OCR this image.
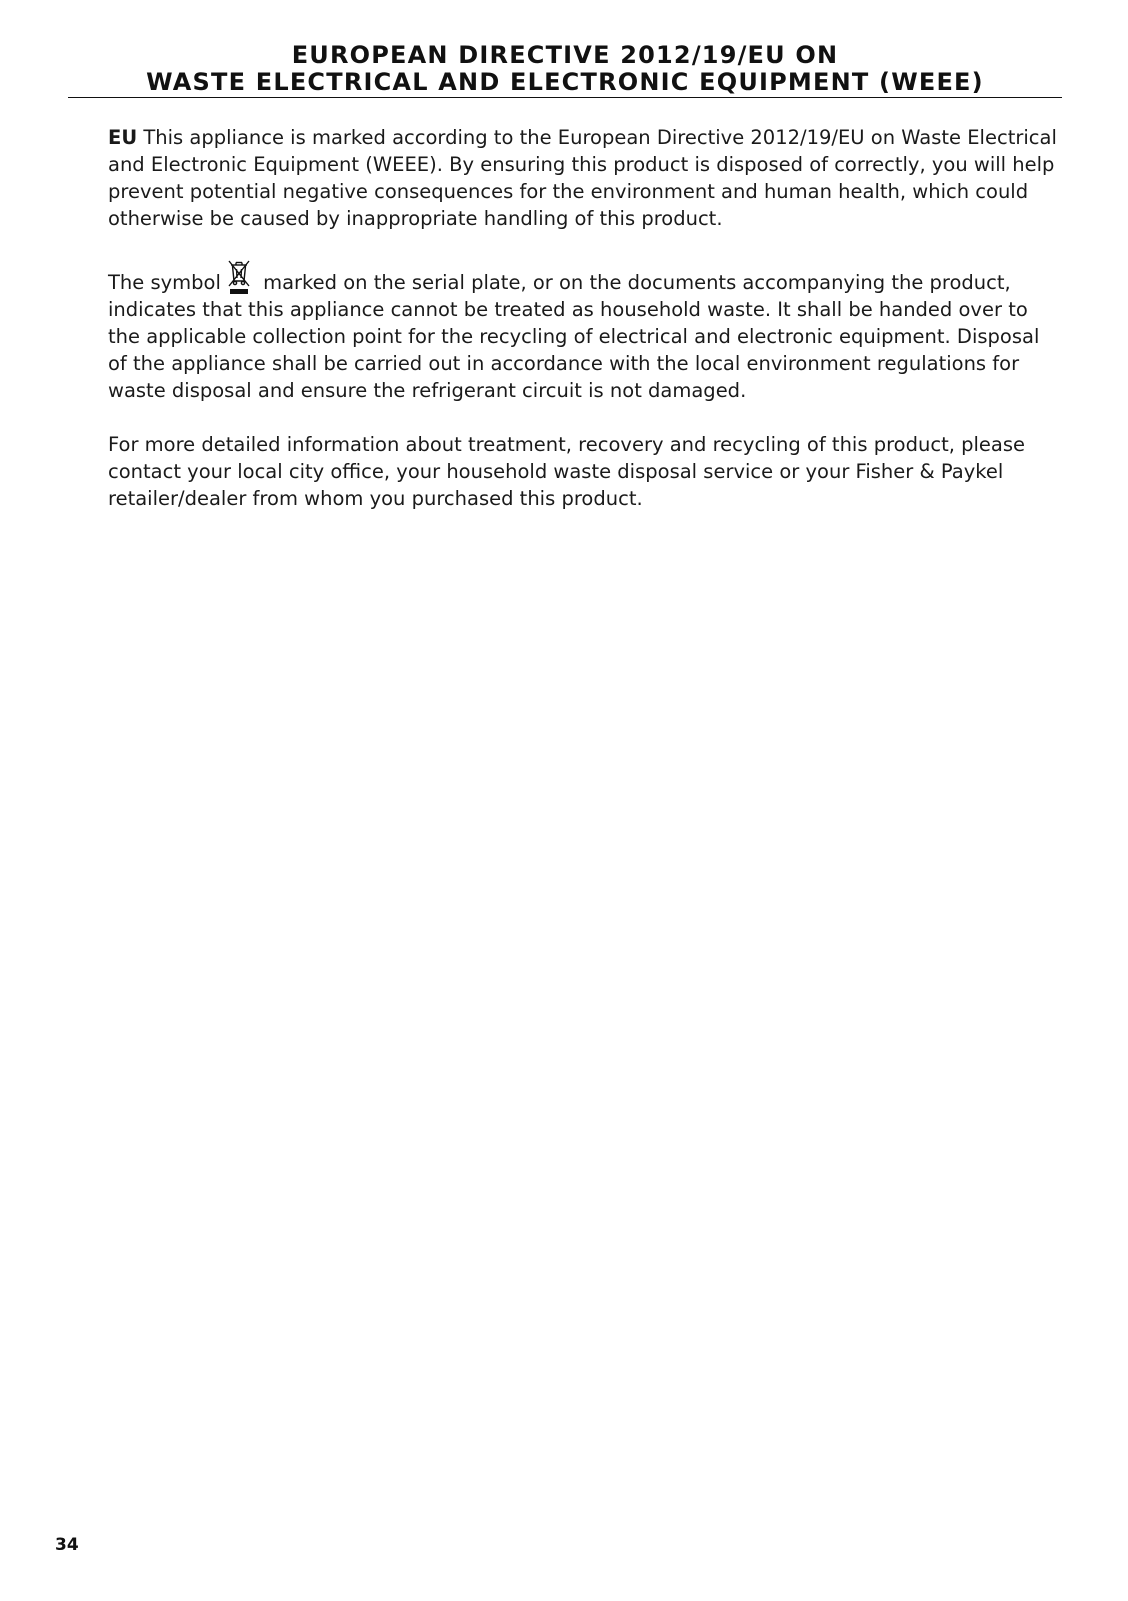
EUROPEAN DIRECTIVE 2012/19/EU ON
WASTE ELECTRICAL AND ELECTRONIC EQUIPMENT (WEEE)

EU This appliance is marked according to the European Directive 2012/19/EU on Waste Electrical and Electronic Equipment (WEEE). By ensuring this product is disposed of correctly, you will help prevent potential negative consequences for the environment and human health, which could otherwise be caused by inappropriate handling of this product.

The symbol marked on the serial plate, or on the documents accompanying the product, indicates that this appliance cannot be treated as household waste. It shall be handed over to the applicable collection point for the recycling of electrical and electronic equipment. Disposal of the appliance shall be carried out in accordance with the local environment regulations for waste disposal and ensure the refrigerant circuit is not damaged.

For more detailed information about treatment, recovery and recycling of this product, please contact your local city office, your household waste disposal service or your Fisher & Paykel retailer/dealer from whom you purchased this product.

34
